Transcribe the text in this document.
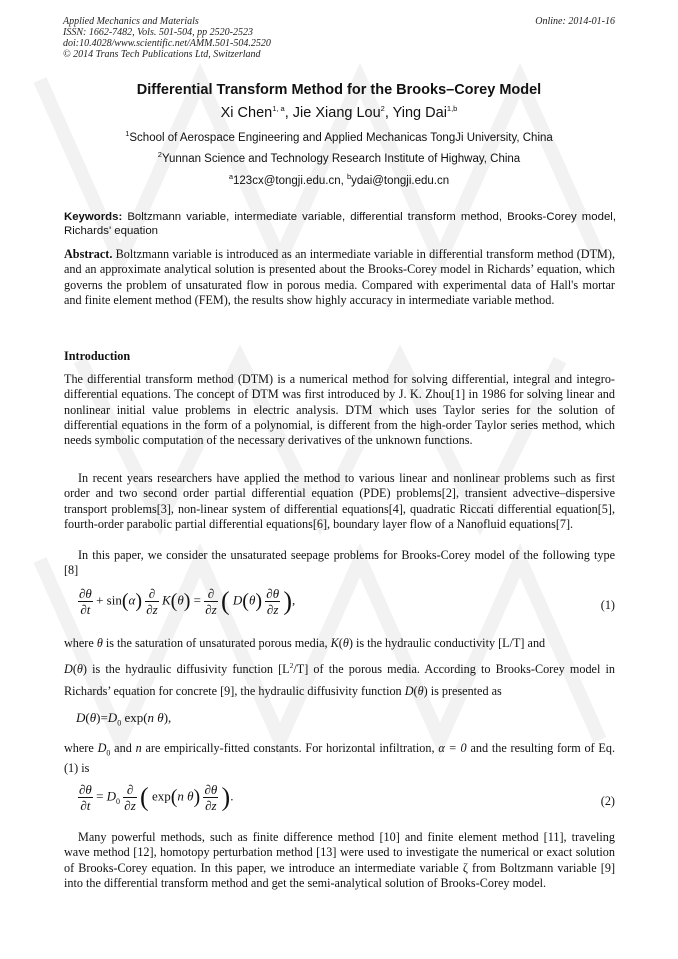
Applied Mechanics and Materials
ISSN: 1662-7482, Vols. 501-504, pp 2520-2523
doi:10.4028/www.scientific.net/AMM.501-504.2520
© 2014 Trans Tech Publications Ltd, Switzerland
Online: 2014-01-16
Differential Transform Method for the Brooks–Corey Model
Xi Chen$^{1, a}$, Jie Xiang Lou$^2$, Ying Dai$^{1,b}$
$^1$School of Aerospace Engineering and Applied Mechanicas TongJi University, China
$^2$Yunnan Science and Technology Research Institute of Highway, China
$^a$123cx@tongji.edu.cn, $^b$ydai@tongji.edu.cn
Keywords: Boltzmann variable, intermediate variable, differential transform method, Brooks-Corey model, Richards' equation
Abstract. Boltzmann variable is introduced as an intermediate variable in differential transform method (DTM), and an approximate analytical solution is presented about the Brooks-Corey model in Richards’ equation, which governs the problem of unsaturated flow in porous media. Compared with experimental data of Hall's mortar and finite element method (FEM), the results show highly accuracy in intermediate variable method.
Introduction
The differential transform method (DTM) is a numerical method for solving differential, integral and integro-differential equations. The concept of DTM was first introduced by J. K. Zhou[1] in 1986 for solving linear and nonlinear initial value problems in electric analysis. DTM which uses Taylor series for the solution of differential equations in the form of a polynomial, is different from the high-order Taylor series method, which needs symbolic computation of the necessary derivatives of the unknown functions.
In recent years researchers have applied the method to various linear and nonlinear problems such as first order and two second order partial differential equation (PDE) problems[2], transient advective–dispersive transport problems[3], non-linear system of differential equations[4], quadratic Riccati differential equation[5], fourth-order parabolic partial differential equations[6], boundary layer flow of a Nanofluid equations[7].
In this paper, we consider the unsaturated seepage problems for Brooks-Corey model of the following type [8]
$\frac{\partial\theta}{\partial t} + \sin(\alpha) \frac{\partial}{\partial z} K(\theta) = \frac{\partial}{\partial z}$ ( $D(\theta) \frac{\partial\theta}{\partial z}$ ),	(1)
where θ is the saturation of unsaturated porous media, K(θ) is the hydraulic conductivity [L/T] and
D(θ) is the hydraulic diffusivity function $[L^2/T]$ of the porous media. According to Brooks-Corey model in Richards’ equation for concrete [9], the hydraulic diffusivity function D(θ) is presented as
$D(\theta)=D_0$ exp(n θ),
where $D_0$ and n are empirically-fitted constants. For horizontal infiltration, α = 0 and the resulting form of Eq. (1) is
$\frac{\partial\theta}{\partial t} = D_0 \frac{\partial}{\partial z}$ ( exp(n $\theta) \frac{\partial\theta}{\partial z}$ ).	(2)
Many powerful methods, such as finite difference method [10] and finite element method [11], traveling wave method [12], homotopy perturbation method [13] were used to investigate the numerical or exact solution of Brooks-Corey equation. In this paper, we introduce an intermediate variable ζ from Boltzmann variable [9] into the differential transform method and get the semi-analytical solution of Brooks-Corey model.
